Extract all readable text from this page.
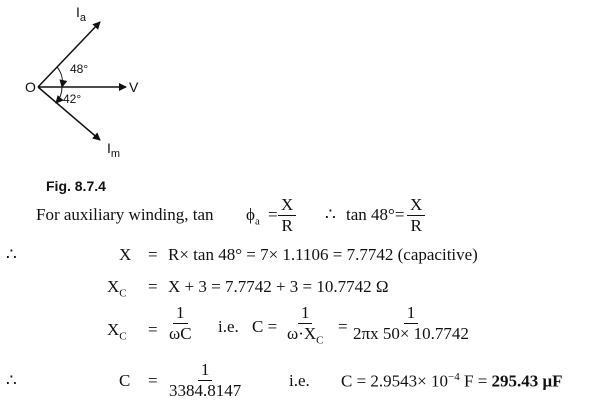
O
$I_a$
V
$I_m$
48°
42°
Fig. 8.7.4
For auxiliary winding, $\tan \phi_a = \frac{X}{R}$ ∴ $\tan 48^\circ= \frac{X}{R}$
∴	X = R× tan 48° = 7× 1.1106 = 7.7742 (capacitive)
$X_C = X + 3 = 7.7742 + 3 = 10.7742$ Ω
$X_C = \frac{1}{\omega C} i.e$. $C = \frac{1}{\omega\cdot X_C} = \frac{1}{2\pi x 50\times 10.7742}$
∴	$C = \frac{1}{3384.8147}$	i.e. $C = 2.9543\times 10^{-4}$ F = 295.43 μF
